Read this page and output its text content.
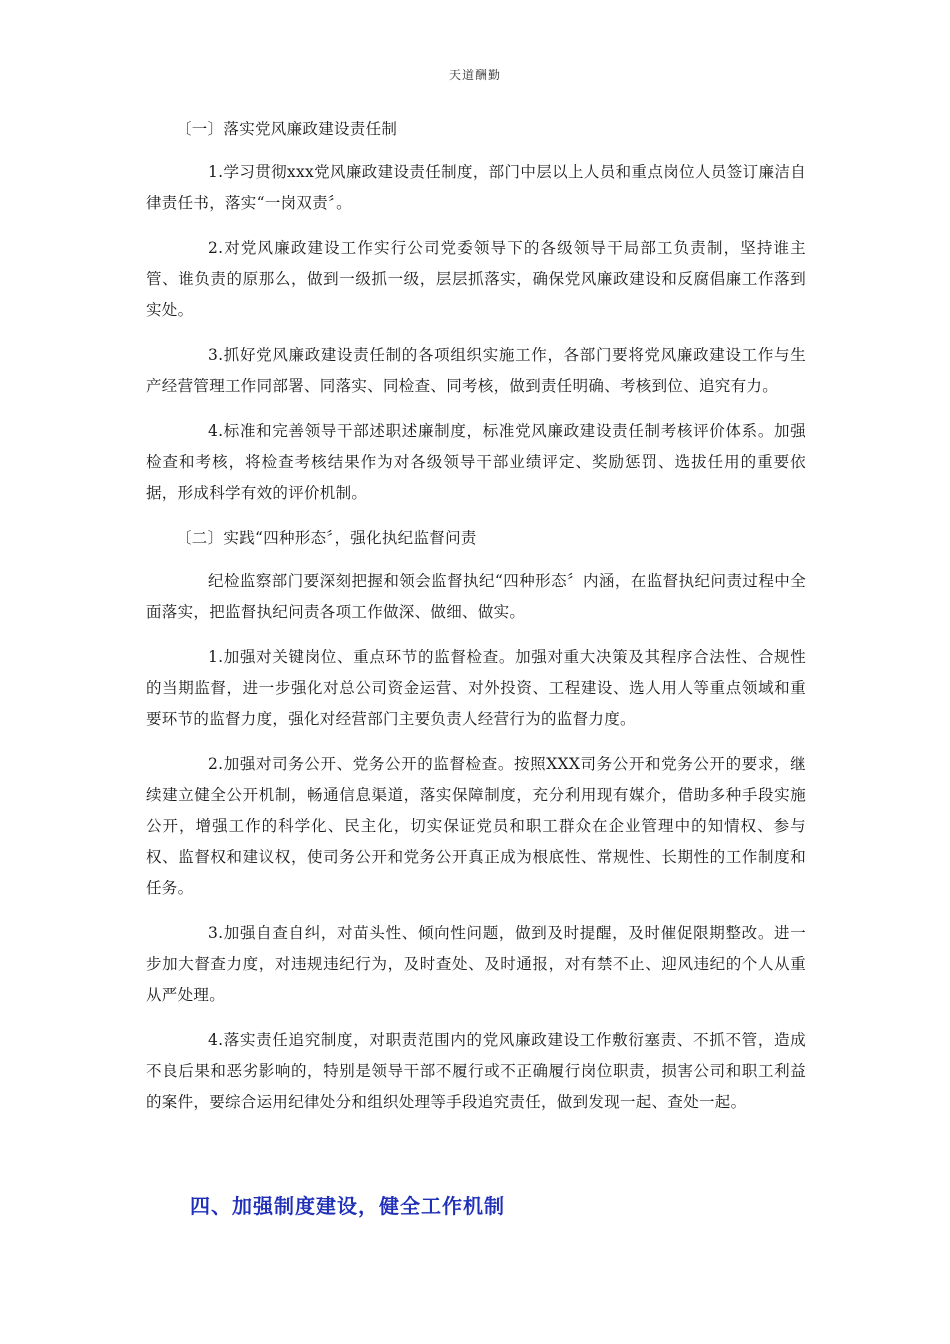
天道酬勤
〔一〕落实党风廉政建设责任制

1.学习贯彻xxx党风廉政建设责任制度，部门中层以上人员和重点岗位人员签订廉洁自律责任书，落实“一岗双责〞。

2.对党风廉政建设工作实行公司党委领导下的各级领导干局部工负责制，坚持谁主管、谁负责的原那么，做到一级抓一级，层层抓落实，确保党风廉政建设和反腐倡廉工作落到实处。

3.抓好党风廉政建设责任制的各项组织实施工作，各部门要将党风廉政建设工作与生产经营管理工作同部署、同落实、同检查、同考核，做到责任明确、考核到位、追究有力。

4.标准和完善领导干部述职述廉制度，标准党风廉政建设责任制考核评价体系。加强检查和考核，将检查考核结果作为对各级领导干部业绩评定、奖励惩罚、选拔任用的重要依据，形成科学有效的评价机制。

〔二〕实践“四种形态〞，强化执纪监督问责

纪检监察部门要深刻把握和领会监督执纪“四种形态〞内涵，在监督执纪问责过程中全面落实，把监督执纪问责各项工作做深、做细、做实。

1.加强对关键岗位、重点环节的监督检查。加强对重大决策及其程序合法性、合规性的当期监督，进一步强化对总公司资金运营、对外投资、工程建设、选人用人等重点领域和重要环节的监督力度，强化对经营部门主要负责人经营行为的监督力度。

2.加强对司务公开、党务公开的监督检查。按照XXX司务公开和党务公开的要求，继续建立健全公开机制，畅通信息渠道，落实保障制度，充分利用现有媒介，借助多种手段实施公开，增强工作的科学化、民主化，切实保证党员和职工群众在企业管理中的知情权、参与权、监督权和建议权，使司务公开和党务公开真正成为根底性、常规性、长期性的工作制度和任务。

3.加强自查自纠，对苗头性、倾向性问题，做到及时提醒，及时催促限期整改。进一步加大督查力度，对违规违纪行为，及时查处、及时通报，对有禁不止、迎风违纪的个人从重从严处理。

4.落实责任追究制度，对职责范围内的党风廉政建设工作敷衍塞责、不抓不管，造成不良后果和恶劣影响的，特别是领导干部不履行或不正确履行岗位职责，损害公司和职工利益的案件，要综合运用纪律处分和组织处理等手段追究责任，做到发现一起、查处一起。

四、加强制度建设，健全工作机制
